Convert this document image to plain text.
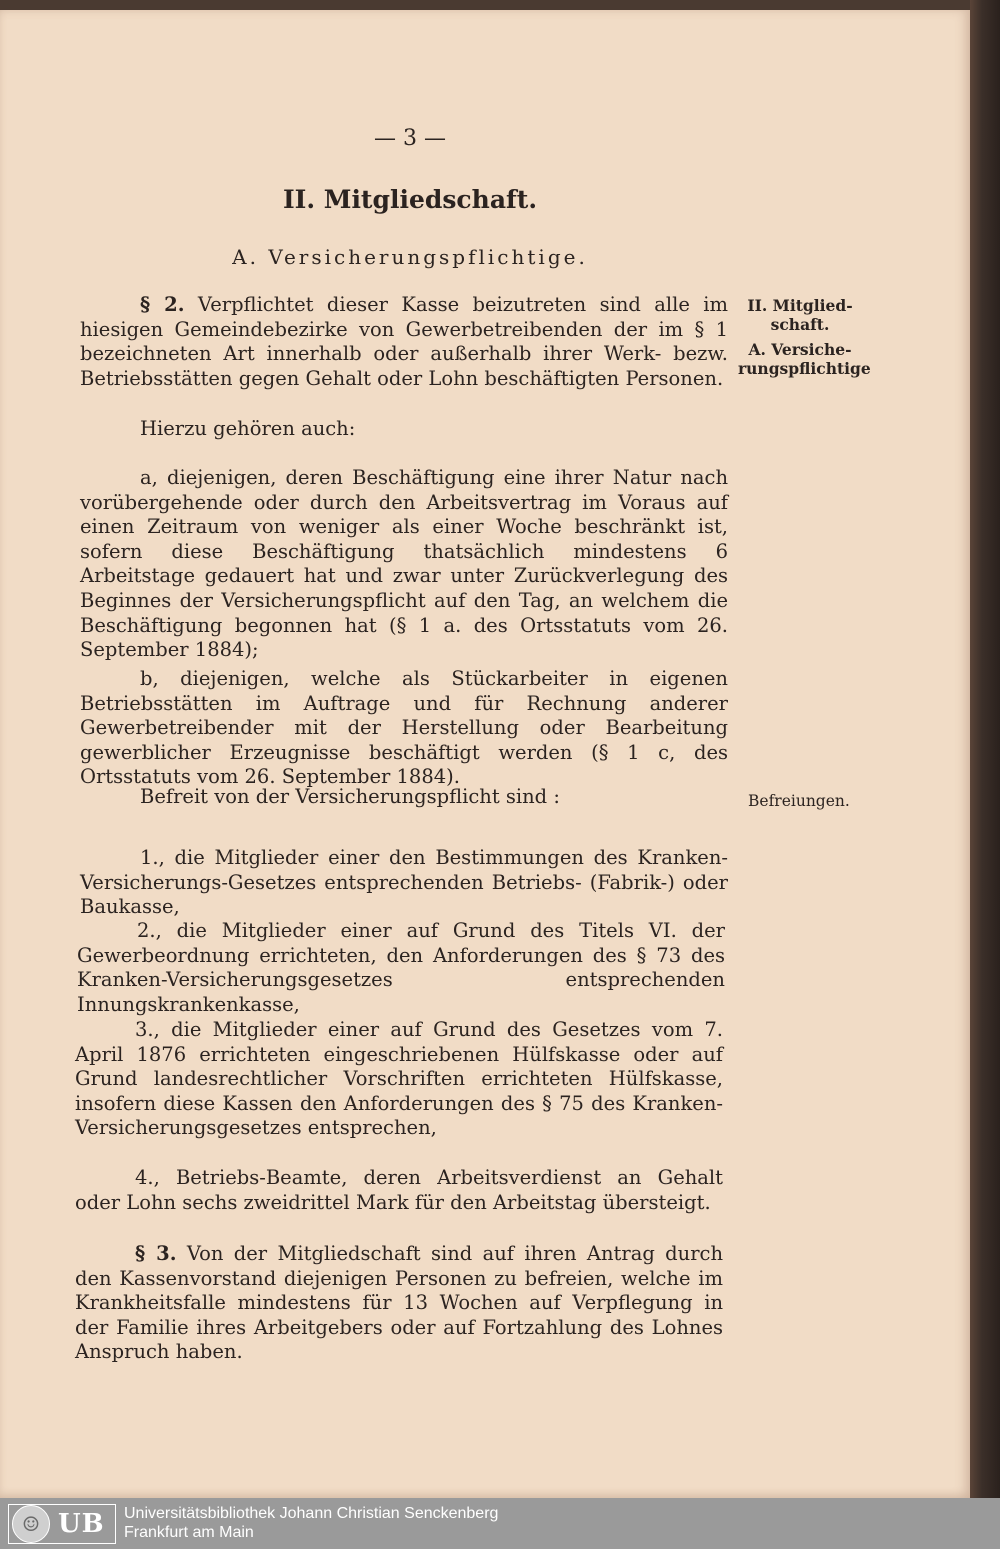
— 3 —
II. Mitgliedschaft.
A. Versicherungspflichtige.
§ 2. Verpflichtet dieser Kasse beizutreten sind alle im hiesigen Gemeindebezirke von Gewerbetreibenden der im § 1 bezeichneten Art innerhalb oder außerhalb ihrer Werk- bezw. Betriebsstätten gegen Gehalt oder Lohn beschäftigten Personen.
Hierzu gehören auch:
a, diejenigen, deren Beschäftigung eine ihrer Natur nach vorübergehende oder durch den Arbeitsvertrag im Voraus auf einen Zeitraum von weniger als einer Woche beschränkt ist, sofern diese Beschäftigung thatsächlich mindestens 6 Arbeitstage gedauert hat und zwar unter Zurückverlegung des Beginnes der Versicherungspflicht auf den Tag, an welchem die Beschäftigung begonnen hat (§ 1 a. des Ortsstatuts vom 26. September 1884);
b, diejenigen, welche als Stückarbeiter in eigenen Betriebsstätten im Auftrage und für Rechnung anderer Gewerbetreibender mit der Herstellung oder Bearbeitung gewerblicher Erzeugnisse beschäftigt werden (§ 1 c, des Ortsstatuts vom 26. September 1884).
Befreit von der Versicherungspflicht sind :
1., die Mitglieder einer den Bestimmungen des Kranken-Versicherungs-Gesetzes entsprechenden Betriebs- (Fabrik-) oder Baukasse,
2., die Mitglieder einer auf Grund des Titels VI. der Gewerbeordnung errichteten, den Anforderungen des § 73 des Kranken-Versicherungsgesetzes entsprechenden Innungskrankenkasse,
3., die Mitglieder einer auf Grund des Gesetzes vom 7. April 1876 errichteten eingeschriebenen Hülfskasse oder auf Grund landesrechtlicher Vorschriften errichteten Hülfskasse, insofern diese Kassen den Anforderungen des § 75 des Kranken-Versicherungsgesetzes entsprechen,
4., Betriebs-Beamte, deren Arbeitsverdienst an Gehalt oder Lohn sechs zweidrittel Mark für den Arbeitstag übersteigt.
§ 3. Von der Mitgliedschaft sind auf ihren Antrag durch den Kassenvorstand diejenigen Personen zu befreien, welche im Krankheitsfalle mindestens für 13 Wochen auf Verpflegung in der Familie ihres Arbeitgebers oder auf Fortzahlung des Lohnes Anspruch haben.
II. Mitglied-
schaft.
A. Versiche-
rungspflichtige
Befreiungen.
☺ UB Universitätsbibliothek Johann Christian Senckenberg
Frankfurt am Main
